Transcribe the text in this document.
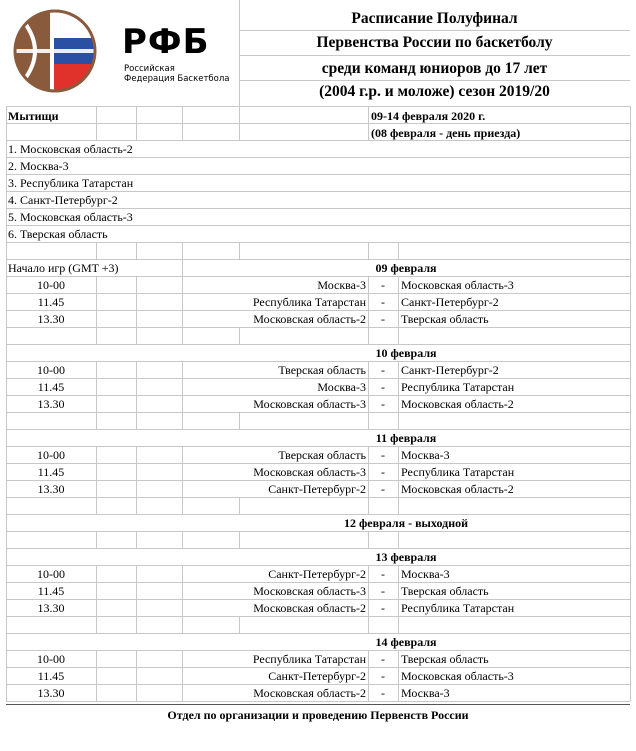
РФБ
Российская
Федерация Баскетбола
Расписание Полуфинал
Первенства России по баскетболу
среди команд юниоров до 17 лет
(2004 г.р. и моложе) сезон 2019/20
Мытищи	09-14 февраля 2020 г.
(08 февраля - день приезда)
1. Московская область-2
2. Москва-3
3. Республика Татарстан
4. Санкт-Петербург-2
5. Московская область-3
6. Тверская область
Начало игр (GMT +3)	09 февраля
10-00	Москва-3	-	Московская область-3
11.45	Республика Татарстан	-	Санкт-Петербург-2
13.30	Московская область-2	-	Тверская область
10 февраля
10-00	Тверская область	-	Санкт-Петербург-2
11.45	Москва-3	-	Республика Татарстан
13.30	Московская область-3	-	Московская область-2
11 февраля
10-00	Тверская область	-	Москва-3
11.45	Московская область-3	-	Республика Татарстан
13.30	Санкт-Петербург-2	-	Московская область-2
12 февраля - выходной
13 февраля
10-00	Санкт-Петербург-2	-	Москва-3
11.45	Московская область-3	-	Тверская область
13.30	Московская область-2	-	Республика Татарстан
14 февраля
10-00	Республика Татарстан	-	Тверская область
11.45	Санкт-Петербург-2	-	Московская область-3
13.30	Московская область-2	-	Москва-3
Отдел по организации и проведению Первенств России
